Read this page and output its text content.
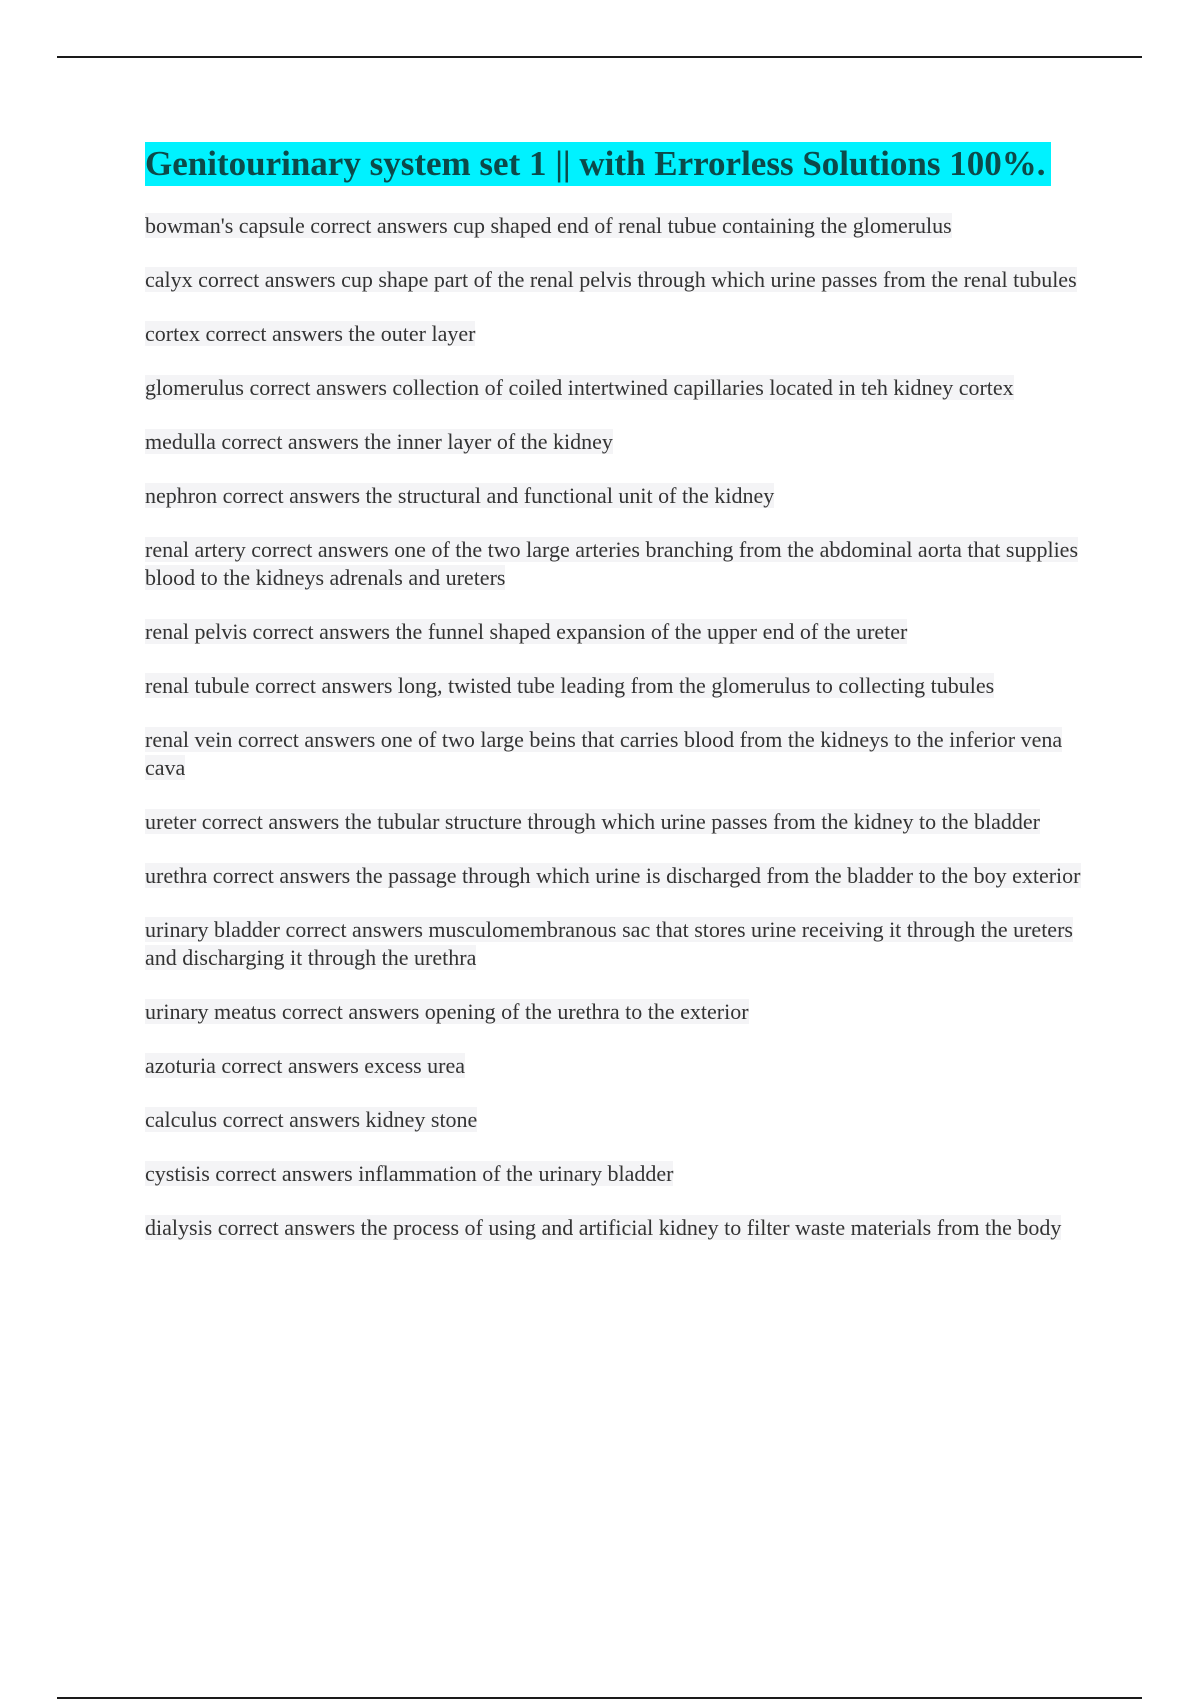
Genitourinary system set 1 || with Errorless Solutions 100%.
bowman's capsule correct answers cup shaped end of renal tubue containing the glomerulus
calyx correct answers cup shape part of the renal pelvis through which urine passes from the renal tubules
cortex correct answers the outer layer
glomerulus correct answers collection of coiled intertwined capillaries located in teh kidney cortex
medulla correct answers the inner layer of the kidney
nephron correct answers the structural and functional unit of the kidney
renal artery correct answers one of the two large arteries branching from the abdominal aorta that supplies blood to the kidneys adrenals and ureters
renal pelvis correct answers the funnel shaped expansion of the upper end of the ureter
renal tubule correct answers long, twisted tube leading from the glomerulus to collecting tubules
renal vein correct answers one of two large beins that carries blood from the kidneys to the inferior vena cava
ureter correct answers the tubular structure through which urine passes from the kidney to the bladder
urethra correct answers the passage through which urine is discharged from the bladder to the boy exterior
urinary bladder correct answers musculomembranous sac that stores urine receiving it through the ureters and discharging it through the urethra
urinary meatus correct answers opening of the urethra to the exterior
azoturia correct answers excess urea
calculus correct answers kidney stone
cystisis correct answers inflammation of the urinary bladder
dialysis correct answers the process of using and artificial kidney to filter waste materials from the body
